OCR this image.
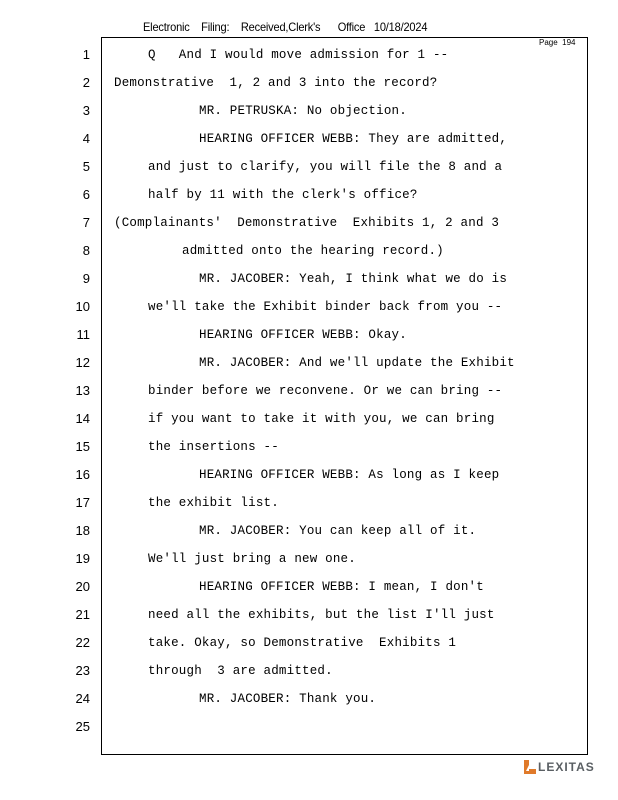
Electronic    Filing:    Received,Clerk's      Office   10/18/2024
Page 194
1	Q   And I would move admission for 1 --
2 Demonstrative  1, 2 and 3 into the record?
3	MR. PETRUSKA: No objection.
4	HEARING OFFICER WEBB: They are admitted,
5	and just to clarify, you will file the 8 and a
6	half by 11 with the clerk's office?
7 (Complainants'  Demonstrative  Exhibits 1, 2 and 3
8	admitted onto the hearing record.)
9	MR. JACOBER: Yeah, I think what we do is
10	we'll take the Exhibit binder back from you --
11	HEARING OFFICER WEBB: Okay.
12	MR. JACOBER: And we'll update the Exhibit
13	binder before we reconvene. Or we can bring --
14	if you want to take it with you, we can bring
15	the insertions --
16	HEARING OFFICER WEBB: As long as I keep
17	the exhibit list.
18	MR. JACOBER: You can keep all of it.
19	We'll just bring a new one.
20	HEARING OFFICER WEBB: I mean, I don't
21	need all the exhibits, but the list I'll just
22	take. Okay, so Demonstrative  Exhibits 1
23	through  3 are admitted.
24	MR. JACOBER: Thank you.
25
LEXITAS
